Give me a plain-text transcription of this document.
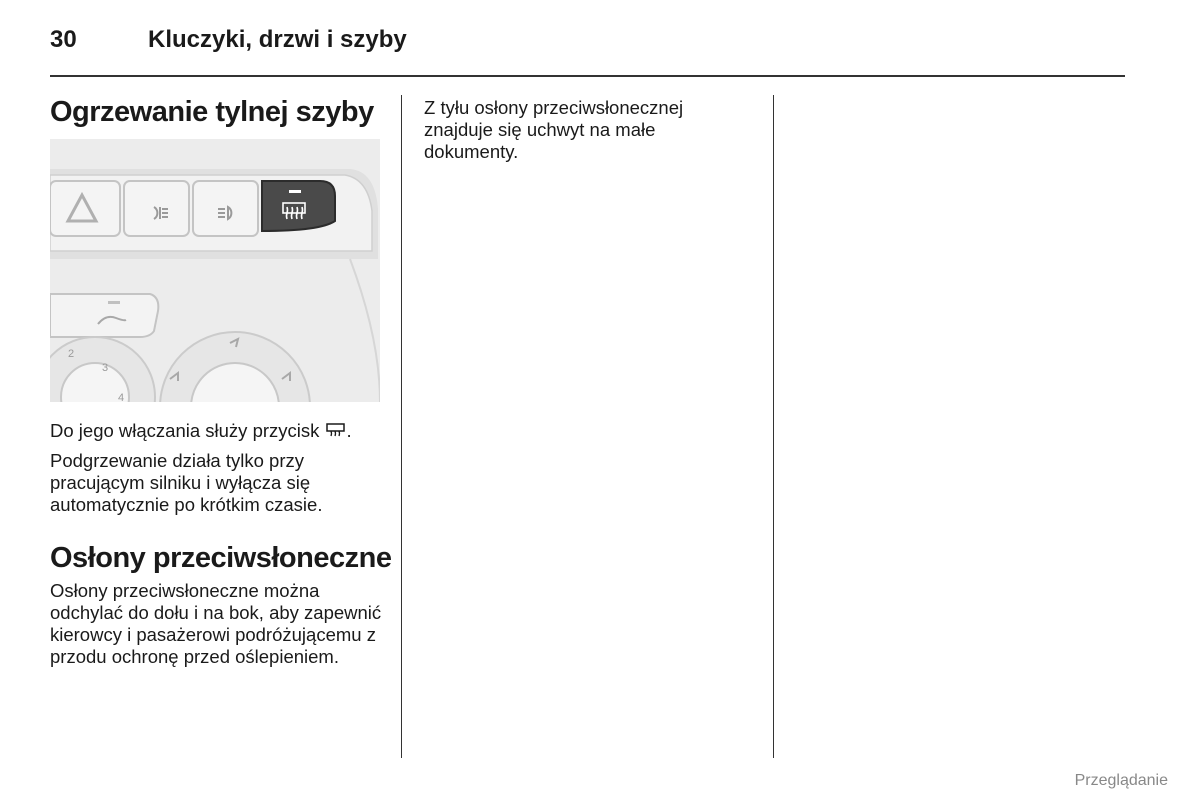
30	Kluczyki, drzwi i szyby
Ogrzewanie tylnej szyby
2
3
4

Do jego włączania służy przycisk .

Podgrzewanie działa tylko przy pracującym silniku i wyłącza się automatycznie po krótkim czasie.

Osłony przeciwsłoneczne

Osłony przeciwsłoneczne można odchylać do dołu i na bok, aby zapewnić kierowcy i pasażerowi podróżującemu z przodu ochronę przed oślepieniem.

Z tyłu osłony przeciwsłonecznej znajduje się uchwyt na małe dokumenty.

Przeglądanie
